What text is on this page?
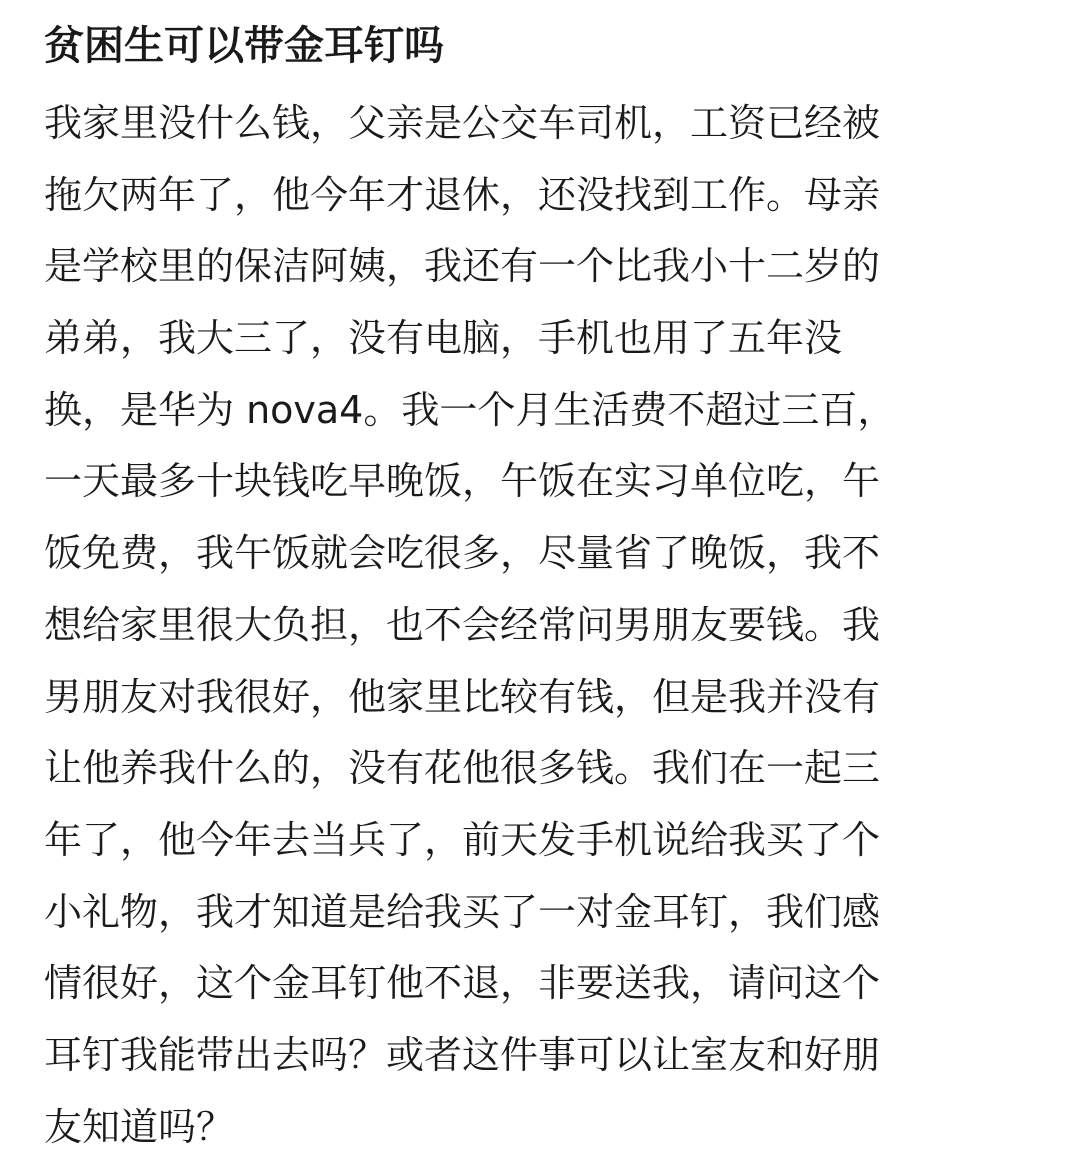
贫困生可以带金耳钉吗
我家里没什么钱，父亲是公交车司机，工资已经被
拖欠两年了，他今年才退休，还没找到工作。母亲
是学校里的保洁阿姨，我还有一个比我小十二岁的
弟弟，我大三了，没有电脑，手机也用了五年没
换，是华为 nova4。我一个月生活费不超过三百，
一天最多十块钱吃早晚饭，午饭在实习单位吃，午
饭免费，我午饭就会吃很多，尽量省了晚饭，我不
想给家里很大负担，也不会经常问男朋友要钱。我
男朋友对我很好，他家里比较有钱，但是我并没有
让他养我什么的，没有花他很多钱。我们在一起三
年了，他今年去当兵了，前天发手机说给我买了个
小礼物，我才知道是给我买了一对金耳钉，我们感
情很好，这个金耳钉他不退，非要送我，请问这个
耳钉我能带出去吗？或者这件事可以让室友和好朋
友知道吗？
